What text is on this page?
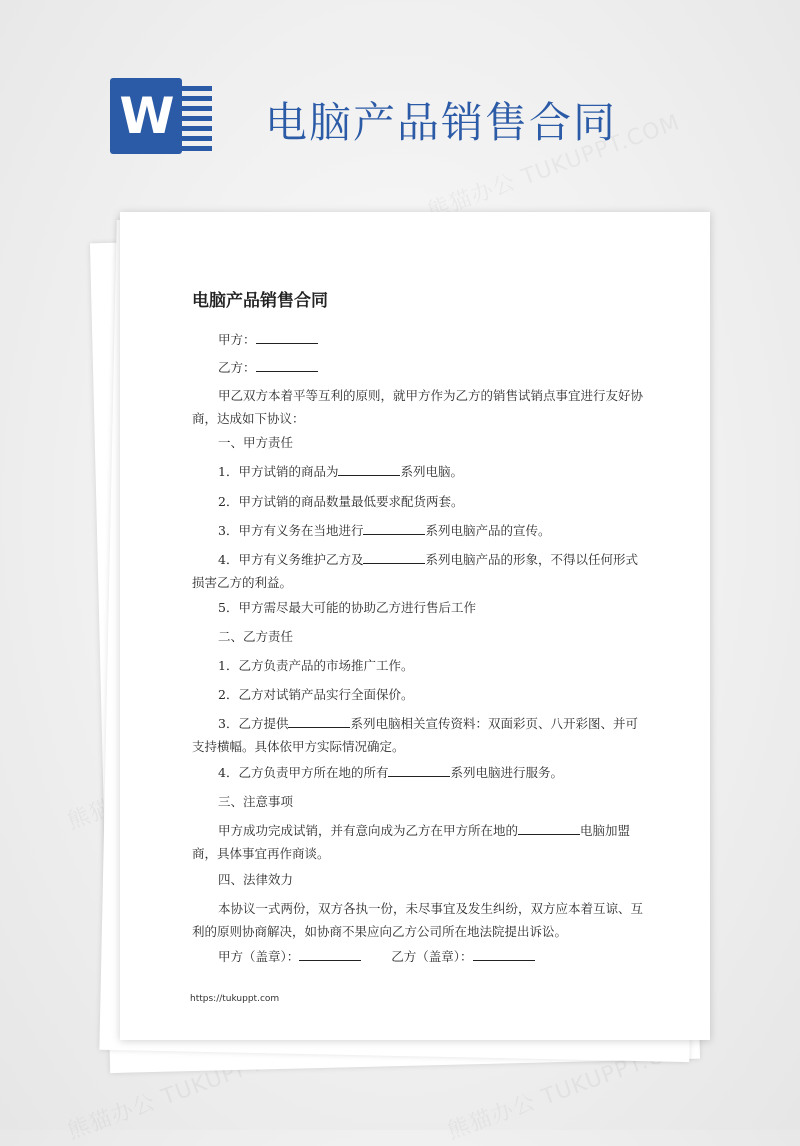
W 电脑产品销售合同
电脑产品销售合同
甲方：
乙方：
甲乙双方本着平等互利的原则，就甲方作为乙方的销售试销点事宜进行友好协商，达成如下协议：
一、甲方责任
1．甲方试销的商品为	系列电脑。
2．甲方试销的商品数量最低要求配货两套。
3．甲方有义务在当地进行	系列电脑产品的宣传。
4．甲方有义务维护乙方及	系列电脑产品的形象，不得以任何形式损害乙方的利益。
5．甲方需尽最大可能的协助乙方进行售后工作
二、乙方责任
1．乙方负责产品的市场推广工作。
2．乙方对试销产品实行全面保价。
3．乙方提供	系列电脑相关宣传资料：双面彩页、八开彩图、并可支持横幅。具体依甲方实际情况确定。
4．乙方负责甲方所在地的所有	系列电脑进行服务。
三、注意事项
甲方成功完成试销，并有意向成为乙方在甲方所在地的	电脑加盟商，具体事宜再作商谈。
四、法律效力
本协议一式两份，双方各执一份，未尽事宜及发生纠纷，双方应本着互谅、互利的原则协商解决，如协商不果应向乙方公司所在地法院提出诉讼。
甲方（盖章）：	乙方（盖章）：
https://tukuppt.com
